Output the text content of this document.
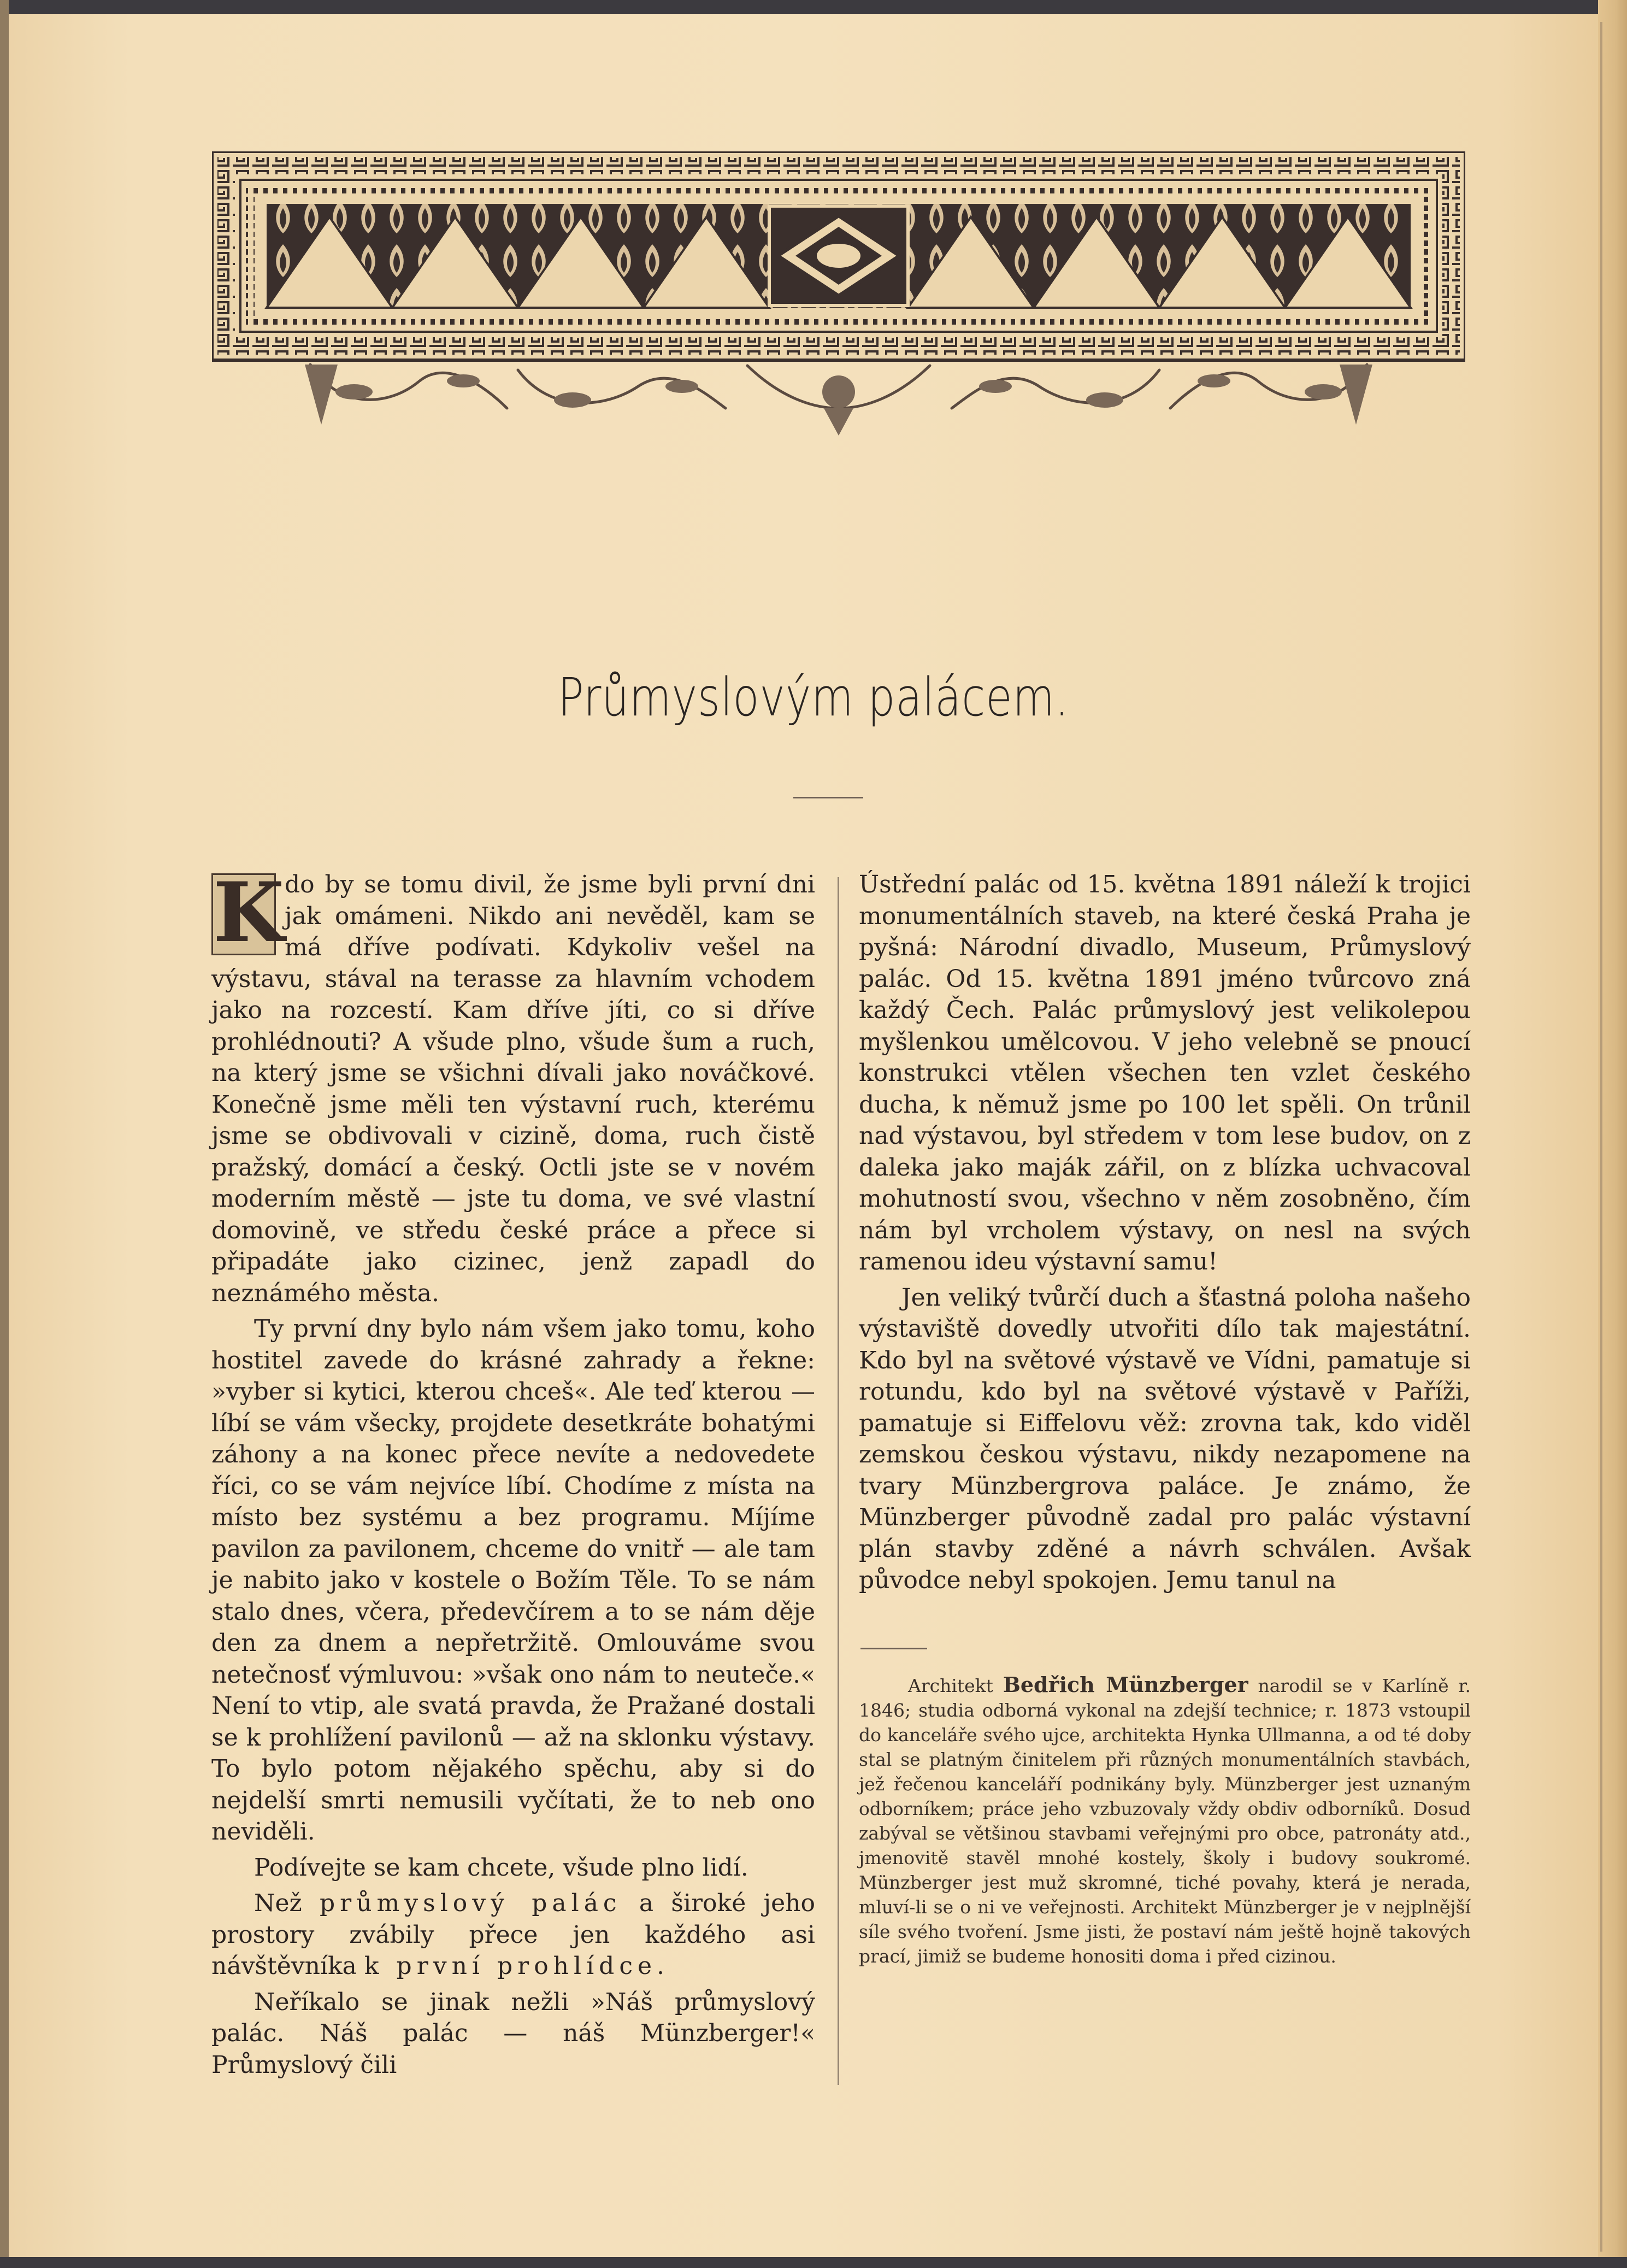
Průmyslovým palácem.

K do by se tomu divil, že jsme byli první dni jak omámeni. Nikdo ani nevěděl, kam se má dříve podívati. Kdykoliv vešel na výstavu, stával na terasse za hlavním vchodem jako na rozcestí. Kam dříve jíti, co si dříve prohlédnouti? A všude plno, všude šum a ruch, na který jsme se všichni dívali jako nováčkové. Konečně jsme měli ten výstavní ruch, kterému jsme se obdivovali v cizině, doma, ruch čistě pražský, domácí a český. Octli jste se v novém moderním městě — jste tu doma, ve své vlastní domovině, ve středu české práce a přece si připadáte jako cizinec, jenž zapadl do neznámého města.

Ty první dny bylo nám všem jako tomu, koho hostitel zavede do krásné zahrady a řekne: »vyber si kytici, kterou chceš«. Ale teď kterou — líbí se vám všecky, projdete desetkráte bohatými záhony a na konec přece nevíte a nedovedete říci, co se vám nejvíce líbí. Chodíme z místa na místo bez systému a bez programu. Míjíme pavilon za pavilonem, chceme do vnitř — ale tam je nabito jako v kostele o Božím Těle. To se nám stalo dnes, včera, předevčírem a to se nám děje den za dnem a nepřetržitě. Omlouváme svou netečnosť výmluvou: »však ono nám to neuteče.« Není to vtip, ale svatá pravda, že Pražané dostali se k prohlížení pavilonů — až na sklonku výstavy. To bylo potom nějakého spěchu, aby si do nejdelší smrti nemusili vyčítati, že to neb ono neviděli.

Podívejte se kam chcete, všude plno lidí.

Než průmyslový palác a široké jeho prostory zvábily přece jen každého asi návštěvníka k první prohlídce.

Neříkalo se jinak nežli »Náš průmyslový palác. Náš palác — náš Münzberger!« Průmyslový čili

Ústřední palác od 15. května 1891 náleží k trojici monumentálních staveb, na které česká Praha je pyšná: Národní divadlo, Museum, Průmyslový palác. Od 15. května 1891 jméno tvůrcovo zná každý Čech. Palác průmyslový jest velikolepou myšlenkou umělcovou. V jeho velebně se pnoucí konstrukci vtělen všechen ten vzlet českého ducha, k němuž jsme po 100 let spěli. On trůnil nad výstavou, byl středem v tom lese budov, on z daleka jako maják zářil, on z blízka uchvacoval mohutností svou, všechno v něm zosobněno, čím nám byl vrcholem výstavy, on nesl na svých ramenou ideu výstavní samu!

Jen veliký tvůrčí duch a šťastná poloha našeho výstaviště dovedly utvořiti dílo tak majestátní. Kdo byl na světové výstavě ve Vídni, pamatuje si rotundu, kdo byl na světové výstavě v Paříži, pamatuje si Eiffelovu věž: zrovna tak, kdo viděl zemskou českou výstavu, nikdy nezapomene na tvary Münzbergrova paláce. Je známo, že Münzberger původně zadal pro palác výstavní plán stavby zděné a návrh schválen. Avšak původce nebyl spokojen. Jemu tanul na

Architekt Bedřich Münzberger narodil se v Karlíně r. 1846; studia odborná vykonal na zdejší technice; r. 1873 vstoupil do kanceláře svého ujce, architekta Hynka Ullmanna, a od té doby stal se platným činitelem při různých monumentálních stavbách, jež řečenou kanceláří podnikány byly. Münzberger jest uznaným odborníkem; práce jeho vzbuzovaly vždy obdiv odborníků. Dosud zabýval se většinou stavbami veřejnými pro obce, patronáty atd., jmenovitě stavěl mnohé kostely, školy i budovy soukromé. Münzberger jest muž skromné, tiché povahy, která je nerada, mluví-li se o ni ve veřejnosti. Architekt Münzberger je v nejplnější síle svého tvoření. Jsme jisti, že postaví nám ještě hojně takových prací, jimiž se budeme honositi doma i před cizinou.
